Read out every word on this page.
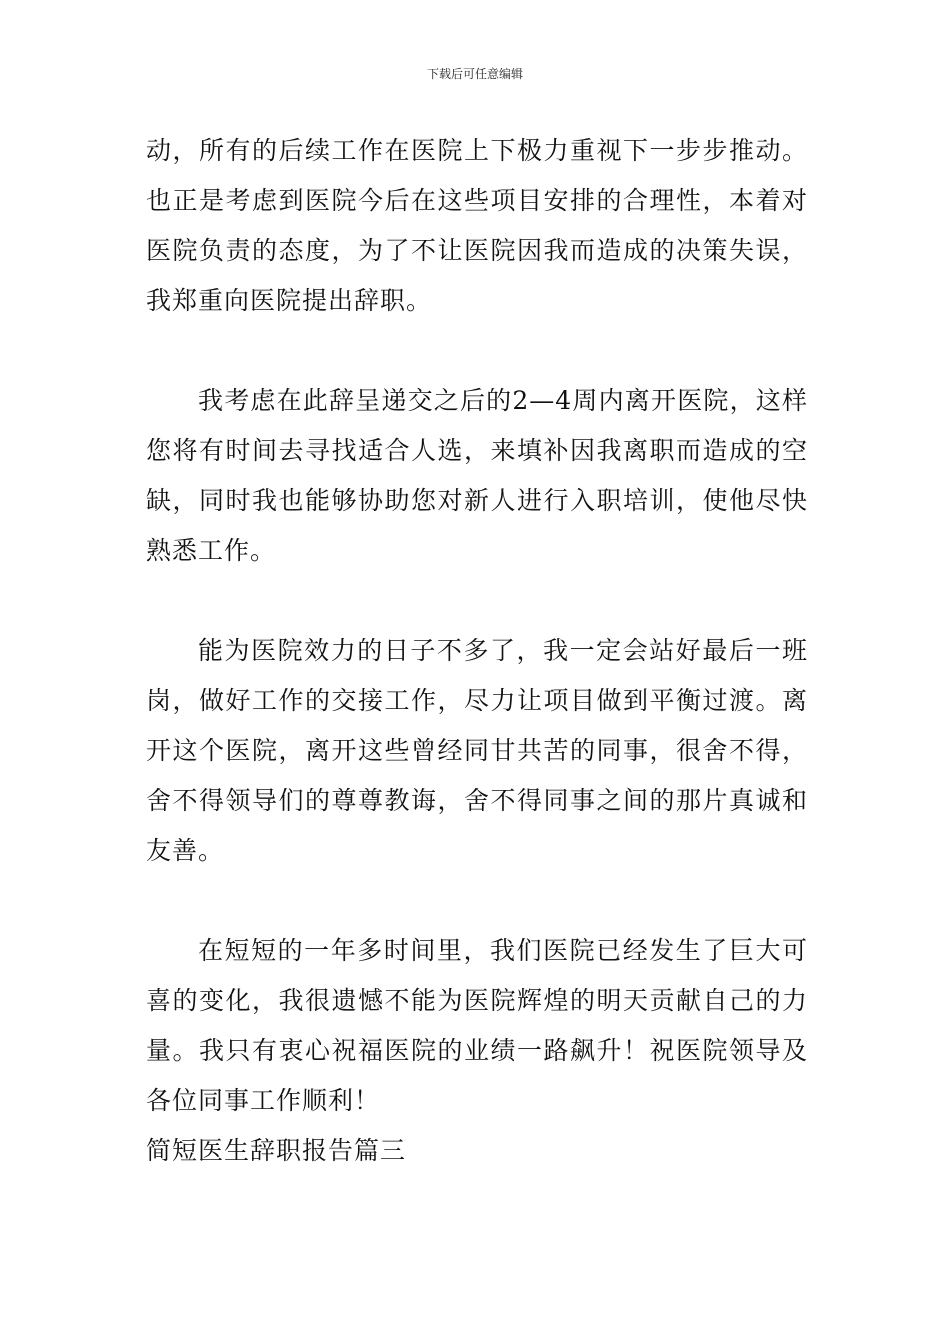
下载后可任意编辑

动，所有的后续工作在医院上下极力重视下一步步推动。也正是考虑到医院今后在这些项目安排的合理性，本着对医院负责的态度，为了不让医院因我而造成的决策失误，我郑重向医院提出辞职。

我考虑在此辞呈递交之后的2—4周内离开医院，这样您将有时间去寻找适合人选，来填补因我离职而造成的空缺，同时我也能够协助您对新人进行入职培训，使他尽快熟悉工作。

能为医院效力的日子不多了，我一定会站好最后一班岗，做好工作的交接工作，尽力让项目做到平衡过渡。离开这个医院，离开这些曾经同甘共苦的同事，很舍不得，舍不得领导们的尊尊教诲，舍不得同事之间的那片真诚和友善。

在短短的一年多时间里，我们医院已经发生了巨大可喜的变化，我很遗憾不能为医院辉煌的明天贡献自己的力量。我只有衷心祝福医院的业绩一路飙升！祝医院领导及各位同事工作顺利！

简短医生辞职报告篇三
